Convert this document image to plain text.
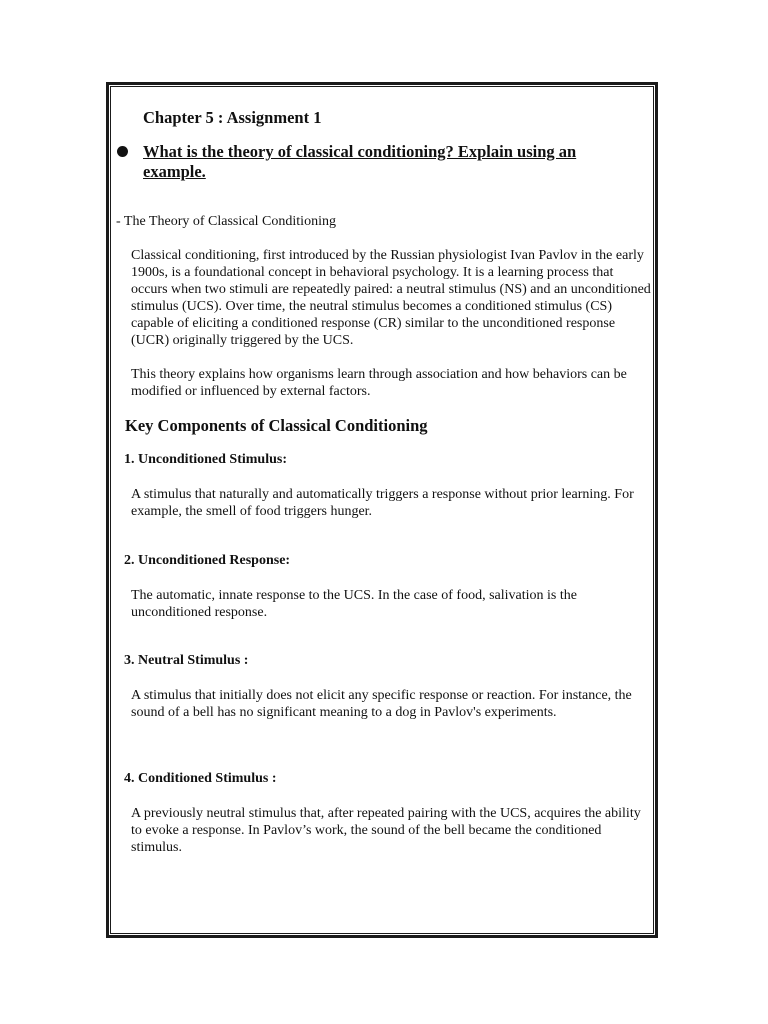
Chapter 5 : Assignment 1

What is the theory of classical conditioning? Explain using an example.

- The Theory of Classical Conditioning

Classical conditioning, first introduced by the Russian physiologist Ivan Pavlov in the early 1900s, is a foundational concept in behavioral psychology. It is a learning process that occurs when two stimuli are repeatedly paired: a neutral stimulus (NS) and an unconditioned stimulus (UCS). Over time, the neutral stimulus becomes a conditioned stimulus (CS) capable of eliciting a conditioned response (CR) similar to the unconditioned response (UCR) originally triggered by the UCS.

This theory explains how organisms learn through association and how behaviors can be modified or influenced by external factors.

Key Components of Classical Conditioning

1. Unconditioned Stimulus:

A stimulus that naturally and automatically triggers a response without prior learning. For example, the smell of food triggers hunger.

2. Unconditioned Response:

The automatic, innate response to the UCS. In the case of food, salivation is the unconditioned response.

3. Neutral Stimulus :

A stimulus that initially does not elicit any specific response or reaction. For instance, the sound of a bell has no significant meaning to a dog in Pavlov's experiments.

4. Conditioned Stimulus :

A previously neutral stimulus that, after repeated pairing with the UCS, acquires the ability to evoke a response. In Pavlov’s work, the sound of the bell became the conditioned stimulus.
